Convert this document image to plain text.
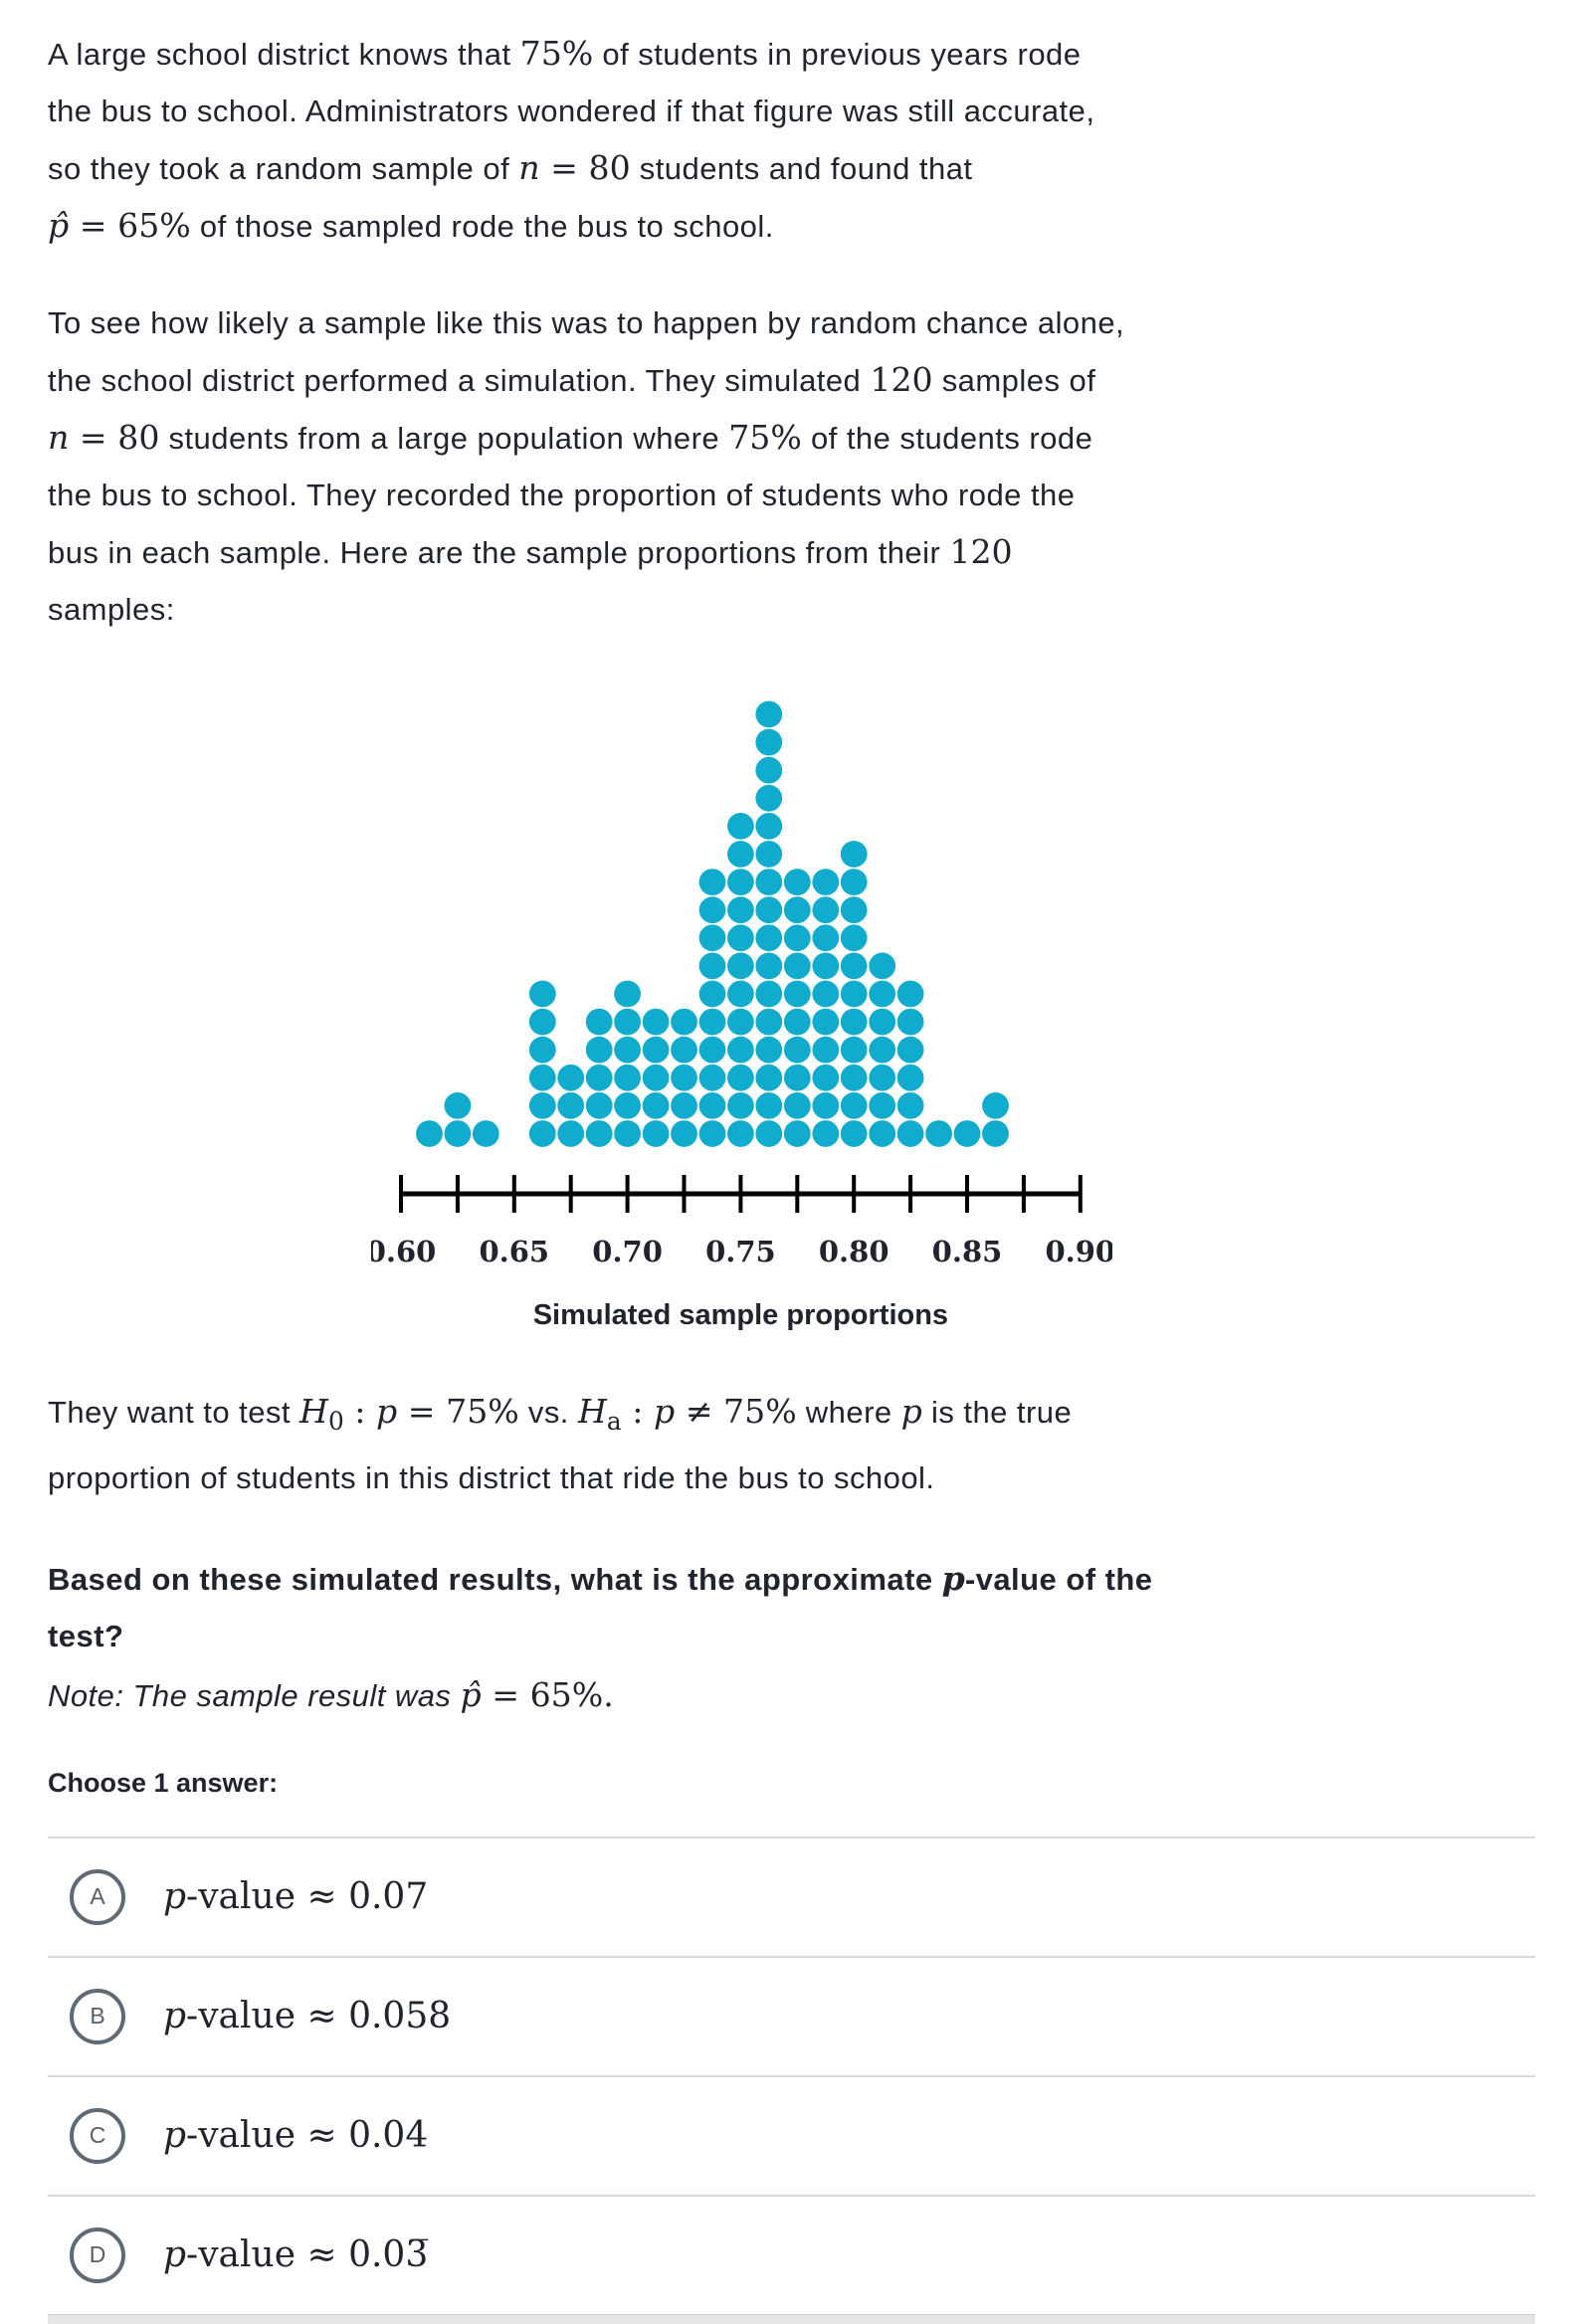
A large school district knows that 75% of students in previous years rode
the bus to school. Administrators wondered if that figure was still accurate,
so they took a random sample of n = 80 students and found that
p̂ = 65% of those sampled rode the bus to school.

To see how likely a sample like this was to happen by random chance alone,
the school district performed a simulation. They simulated 120 samples of
n = 80 students from a large population where 75% of the students rode
the bus to school. They recorded the proportion of students who rode the
bus in each sample. Here are the sample proportions from their 120
samples:

0.60 0.65 0.70 0.75 0.80 0.85 0.90
Simulated sample proportions

They want to test $H_0$ : p = 75% vs. $H_a$ : p ≠ 75% where p is the true
proportion of students in this district that ride the bus to school.

Based on these simulated results, what is the approximate p-value of the
test?

Note: The sample result was p̂ = 65%.

Choose 1 answer:
A p-value ≈ 0.07
B p-value ≈ 0.058
C p-value ≈ 0.04
D p-value ≈ 0.03̅
